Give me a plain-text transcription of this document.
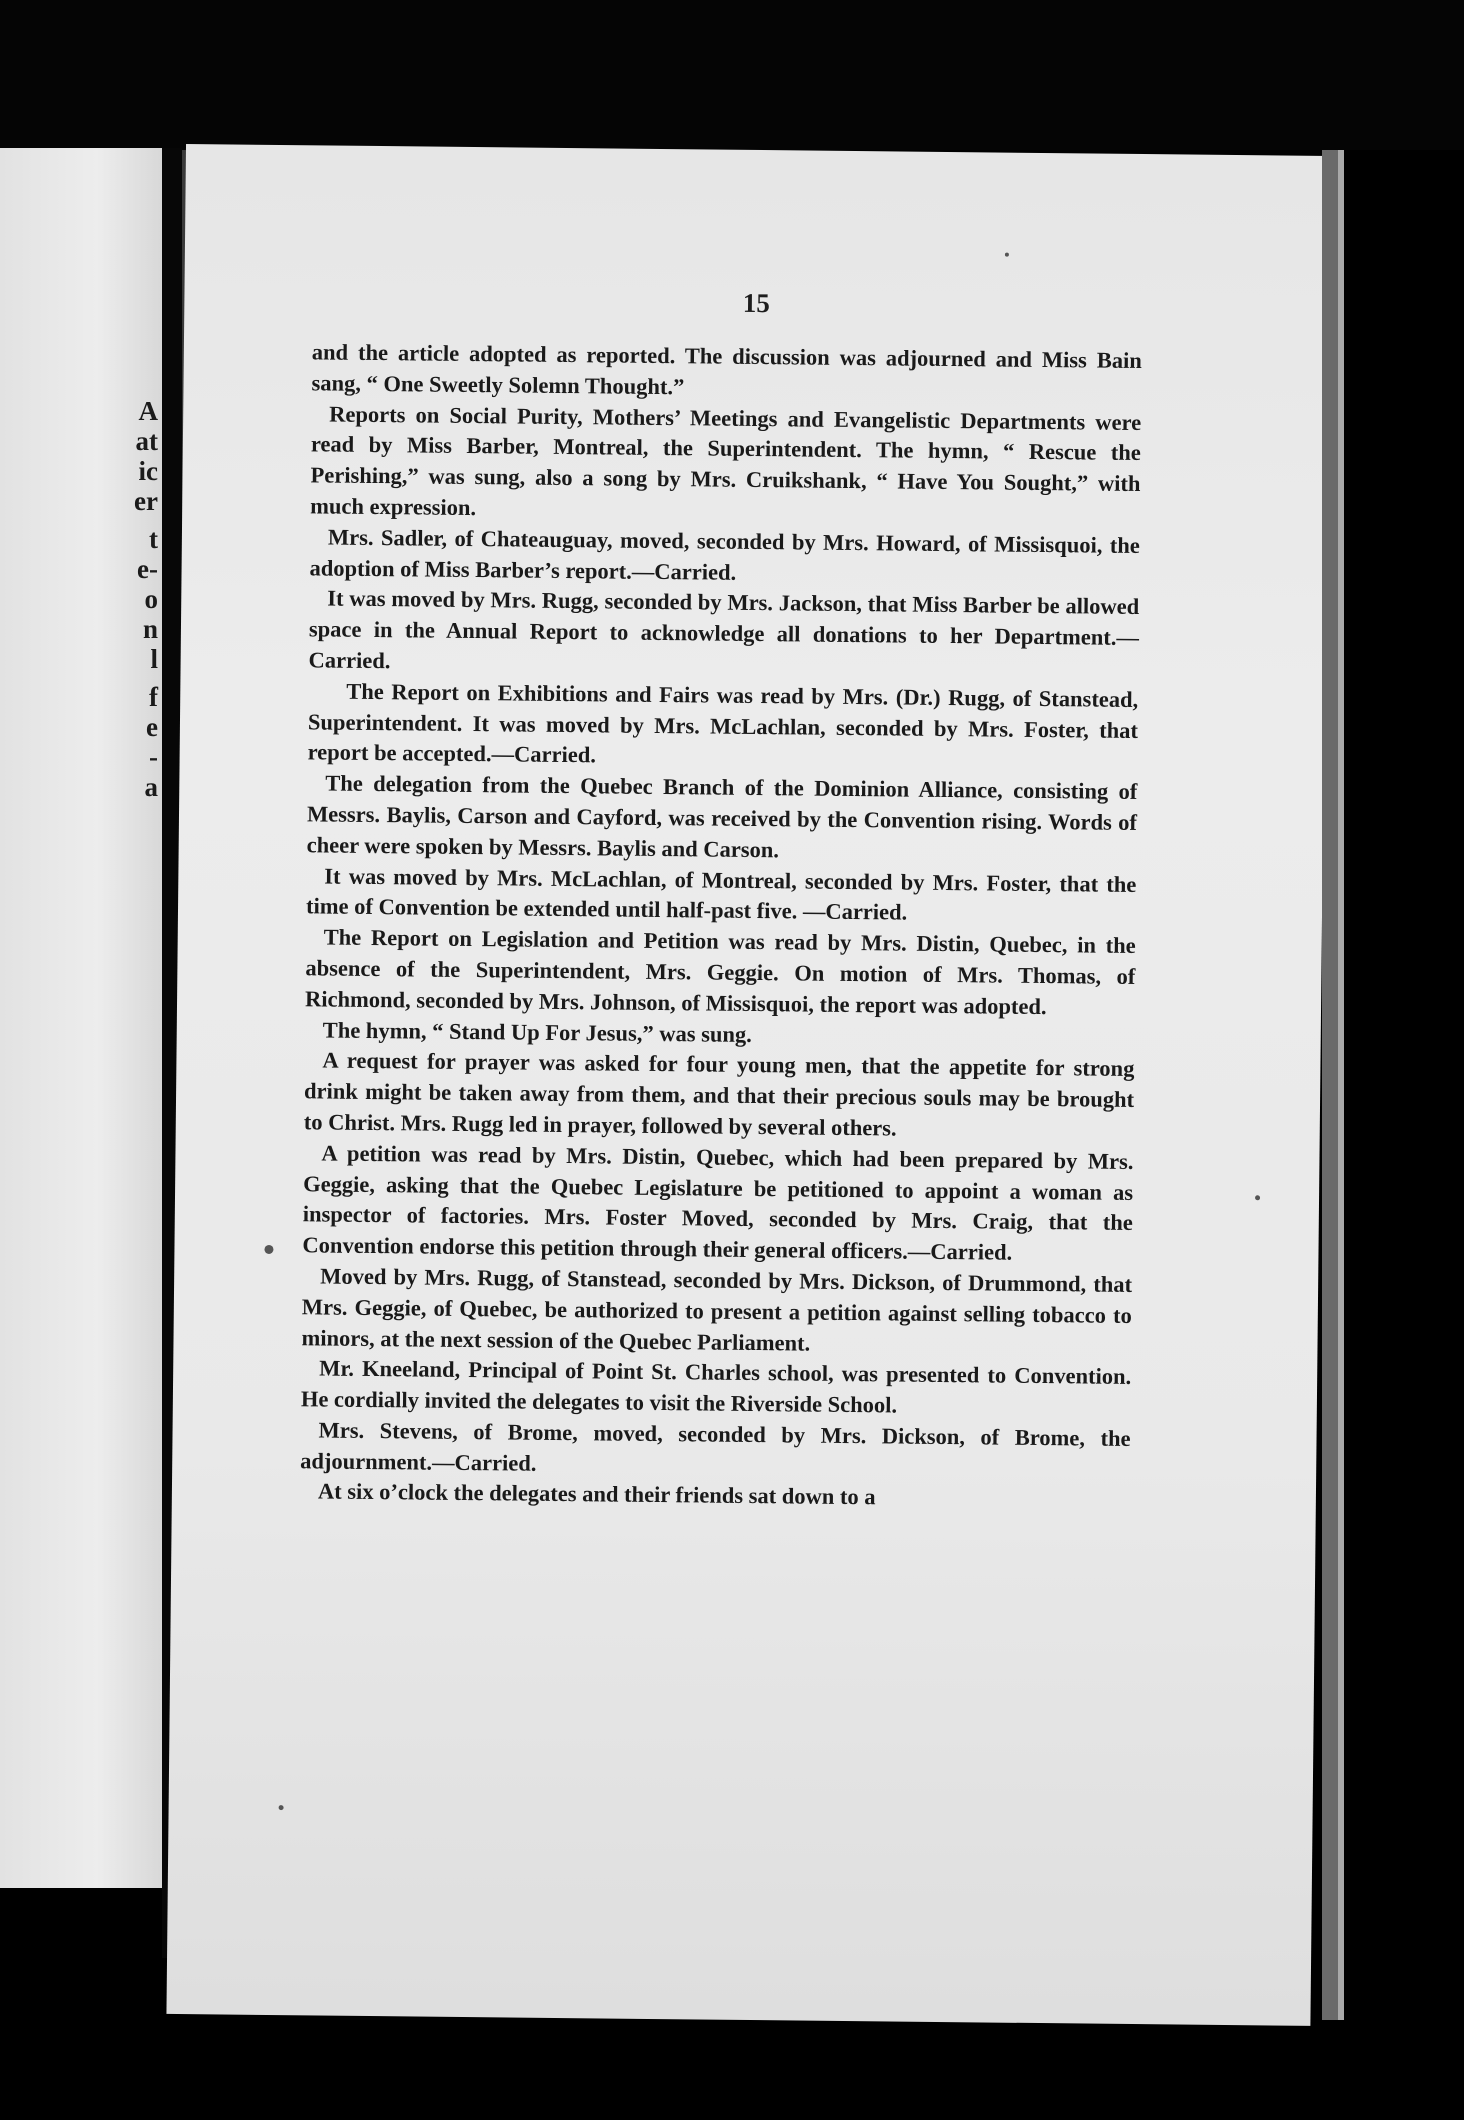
A
at
ic
er
t
e-
o
n
l
f
e
-
a
15

and the article adopted as reported. The discussion was adjourned and Miss Bain sang, “ One Sweetly Solemn Thought.”

Reports on Social Purity, Mothers’ Meetings and Evangelistic Departments were read by Miss Barber, Montreal, the Superintendent. The hymn, “ Rescue the Perishing,” was sung, also a song by Mrs. Cruikshank, “ Have You Sought,” with much expression.

Mrs. Sadler, of Chateauguay, moved, seconded by Mrs. Howard, of Missisquoi, the adoption of Miss Barber’s report.—Carried.

It was moved by Mrs. Rugg, seconded by Mrs. Jackson, that Miss Barber be allowed space in the Annual Report to acknowledge all donations to her Department.—Carried.

The Report on Exhibitions and Fairs was read by Mrs. (Dr.) Rugg, of Stanstead, Superintendent. It was moved by Mrs. McLachlan, seconded by Mrs. Foster, that report be accepted.—Carried.

The delegation from the Quebec Branch of the Dominion Alliance, consisting of Messrs. Baylis, Carson and Cayford, was received by the Convention rising. Words of cheer were spoken by Messrs. Baylis and Carson.

It was moved by Mrs. McLachlan, of Montreal, seconded by Mrs. Foster, that the time of Convention be extended until half-past five. —Carried.

The Report on Legislation and Petition was read by Mrs. Distin, Quebec, in the absence of the Superintendent, Mrs. Geggie. On motion of Mrs. Thomas, of Richmond, seconded by Mrs. Johnson, of Missisquoi, the report was adopted.

The hymn, “ Stand Up For Jesus,” was sung.

A request for prayer was asked for four young men, that the appetite for strong drink might be taken away from them, and that their precious souls may be brought to Christ. Mrs. Rugg led in prayer, followed by several others.

A petition was read by Mrs. Distin, Quebec, which had been prepared by Mrs. Geggie, asking that the Quebec Legislature be petitioned to appoint a woman as inspector of factories. Mrs. Foster Moved, seconded by Mrs. Craig, that the Convention endorse this petition through their general officers.—Carried.

Moved by Mrs. Rugg, of Stanstead, seconded by Mrs. Dickson, of Drummond, that Mrs. Geggie, of Quebec, be authorized to present a petition against selling tobacco to minors, at the next session of the Quebec Parliament.

Mr. Kneeland, Principal of Point St. Charles school, was presented to Convention. He cordially invited the delegates to visit the Riverside School.

Mrs. Stevens, of Brome, moved, seconded by Mrs. Dickson, of Brome, the adjournment.—Carried.

At six o’clock the delegates and their friends sat down to a
